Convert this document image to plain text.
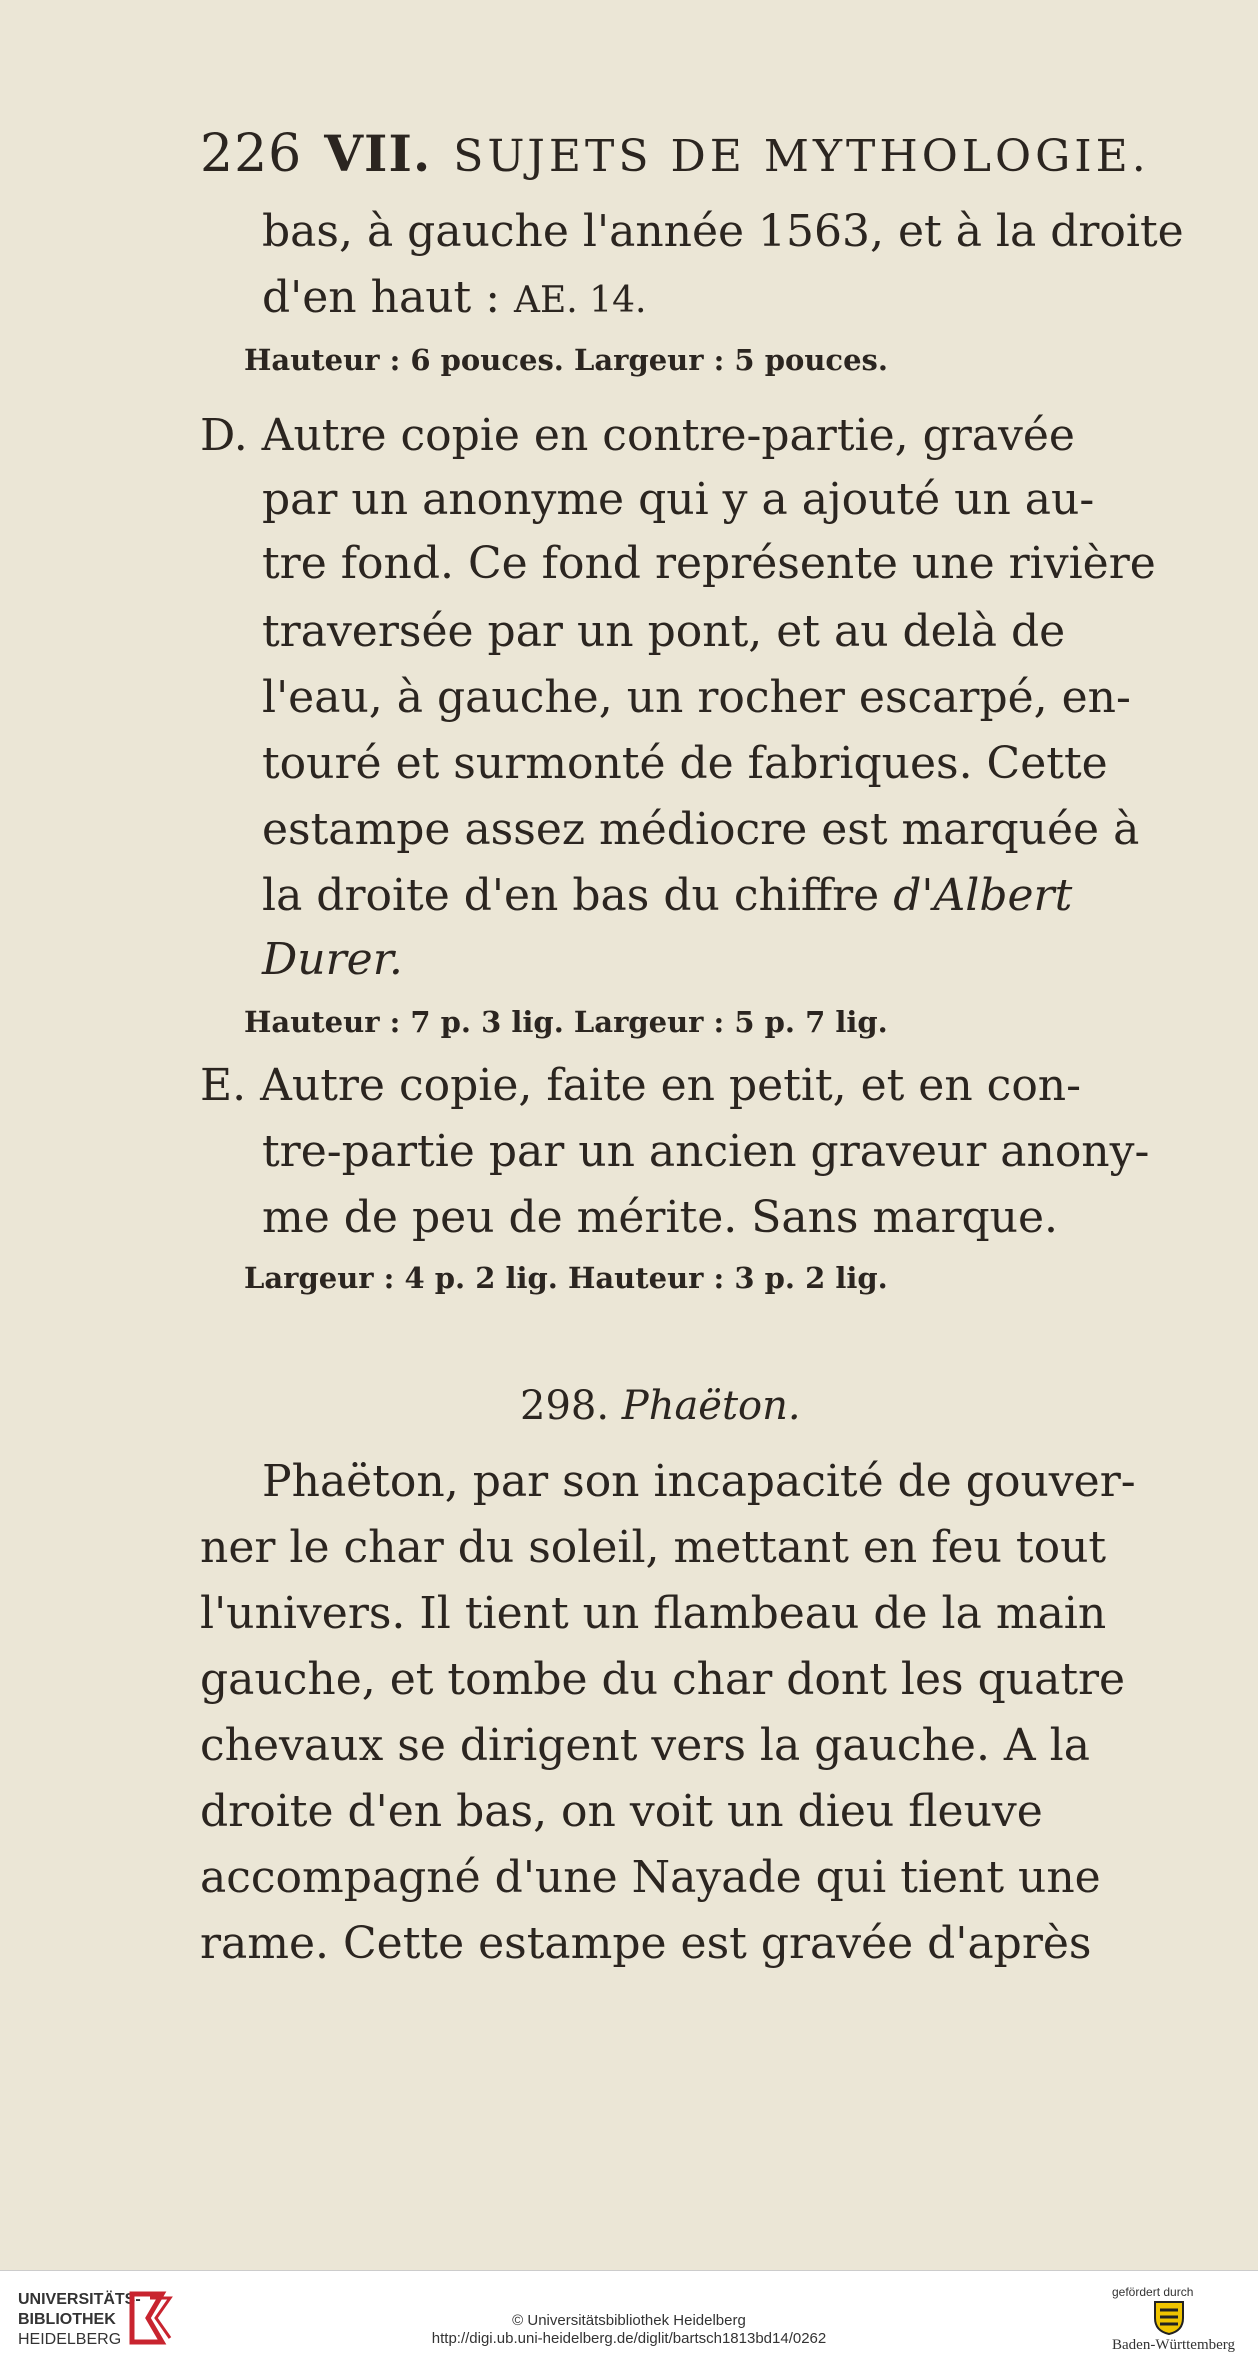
226 VII. SUJETS DE MYTHOLOGIE.
bas, à gauche l'année 1563, et à la droite
d'en haut : AE. 14.
Hauteur : 6 pouces. Largeur : 5 pouces.
D. Autre copie en contre-partie, gravée
par un anonyme qui y a ajouté un au-
tre fond. Ce fond représente une rivière
traversée par un pont, et au delà de
l'eau, à gauche, un rocher escarpé, en-
touré et surmonté de fabriques. Cette
estampe assez médiocre est marquée à
la droite d'en bas du chiffre d'Albert
Durer.
Hauteur : 7 p. 3 lig. Largeur : 5 p. 7 lig.
E. Autre copie, faite en petit, et en con-
tre-partie par un ancien graveur anony-
me de peu de mérite. Sans marque.
Largeur : 4 p. 2 lig. Hauteur : 3 p. 2 lig.
298. Phaëton.
Phaëton, par son incapacité de gouver-
ner le char du soleil, mettant en feu tout
l'univers. Il tient un flambeau de la main
gauche, et tombe du char dont les quatre
chevaux se dirigent vers la gauche. A la
droite d'en bas, on voit un dieu fleuve
accompagné d'une Nayade qui tient une
rame. Cette estampe est gravée d'après
UNIVERSITÄTS-
BIBLIOTHEK
HEIDELBERG
© Universitätsbibliothek Heidelberg
http://digi.ub.uni-heidelberg.de/diglit/bartsch1813bd14/0262
gefördert durch
Baden-Württemberg
